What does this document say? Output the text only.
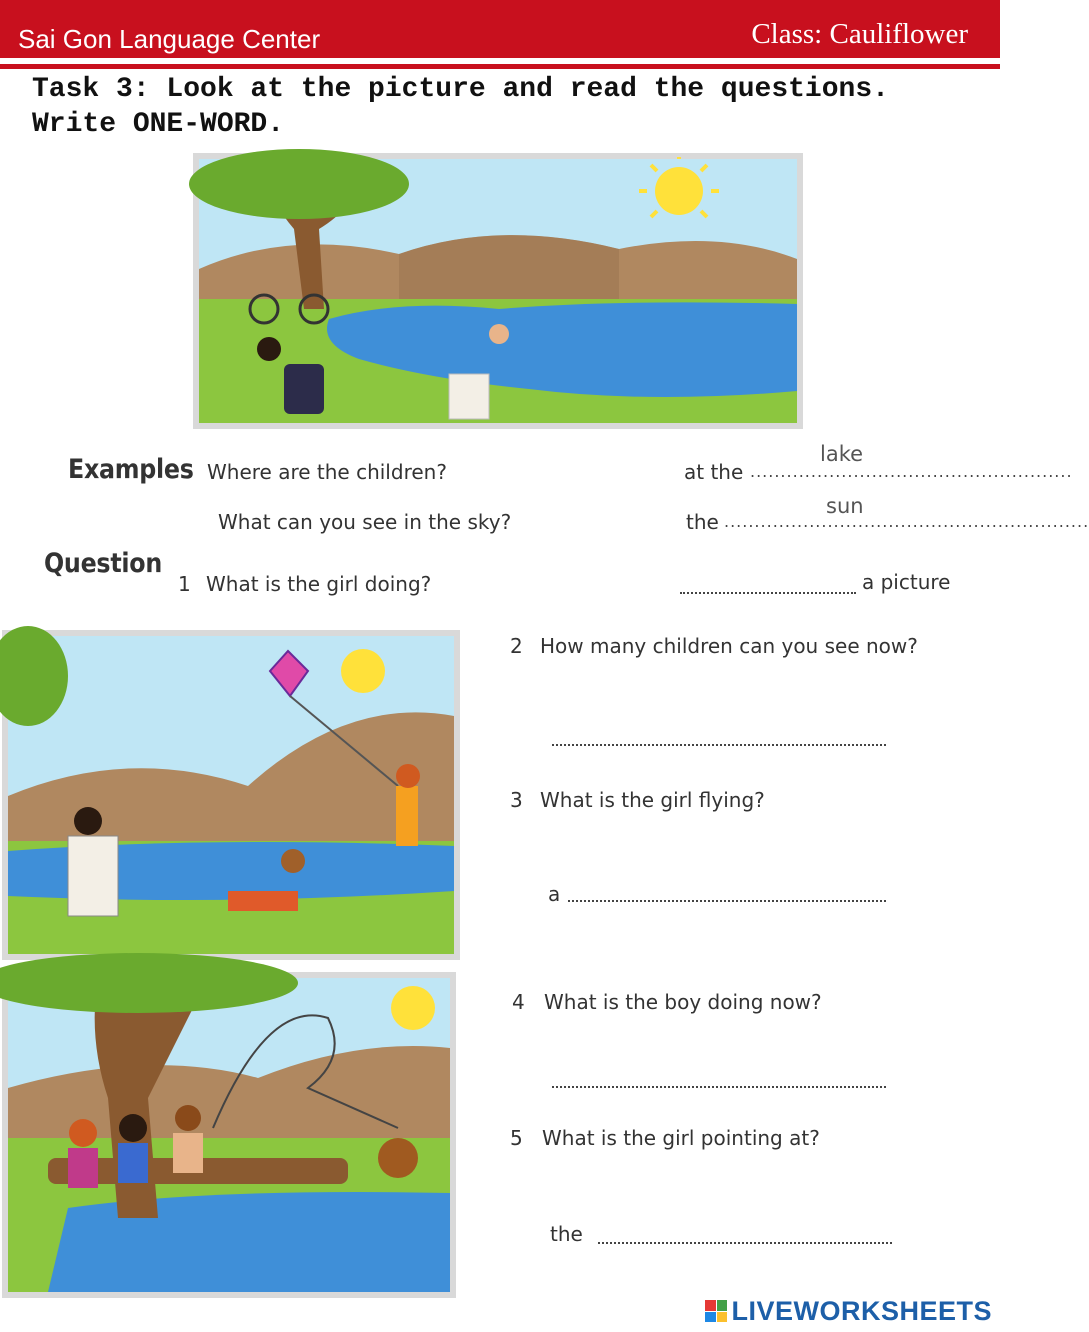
Sai Gon Language Center	Class: Cauliflower
Task 3: Look at the picture and read the questions. Write ONE-WORD.
Examples Where are the children?	at the .....................................................
lake
What can you see in the sky?	the ............................................................
sun
Question
1 What is the girl doing?	a picture
2 How many children can you see now?
3 What is the girl flying?
a
4 What is the boy doing now?
5 What is the girl pointing at?
the
LIVEWORKSHEETS
